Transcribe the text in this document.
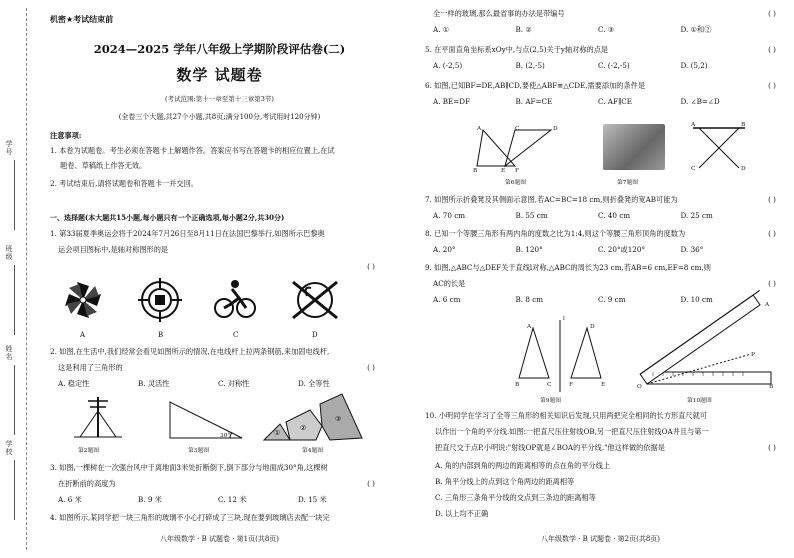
学号
班级
姓名
学校
机密★考试结束前
2024—2025 学年八年级上学期阶段评估卷(二)
数学 试题卷
(考试范围:第十一章至第十三章第3节)
(全卷三个大题,共27个小题,共8页;满分100分,考试用时120分钟)
注意事项:
1. 本卷为试题卷。考生必须在答题卡上解题作答。答案应书写在答题卡的相应位置上,在试
题卷、草稿纸上作答无效。
2. 考试结束后,请将试题卷和答题卡一并交回。
一、选择题(本大题共15小题,每小题只有一个正确选项,每小题2分,共30分)
1. 第33届夏季奥运会将于2024年7月26日至8月11日在法国巴黎举行,如图所示巴黎奥
运会项目图标中,是轴对称图形的是
( )
A	B	C	D
2. 如图,在生活中,我们经常会看见如图所示的情况,在电线杆上拉两条钢筋,来加固电线杆,
这是利用了三角形的	( )
A. 稳定性	B. 灵活性	C. 对称性	D. 全等性
30°	①
②
③
第2题图	第3题图	第4题图
3. 如图,一棵树在一次强台风中于离地面3米处折断倒下,倒下部分与地面成30°角,这棵树
在折断前的高度为	( )
A. 6 米	B. 9 米	C. 12 米	D. 15 米
4. 如图所示,某同学把一块三角形的玻璃不小心打碎成了三块,现在要到玻璃店去配一块完
八年级数学 · B 试题卷 · 第1页(共8页)
全一样的玻璃,那么最省事的办法是带编号	( )
A. ①	B. ②	C. ③	D. ①和②
5. 在平面直角坐标系xOy中,与点(2,5)关于y轴对称的点是	( )
A. (-2,5)	B. (2,-5)	C. (-2,-5)	D. (5,2)
6. 如图,已知BF=DE,AB∥CD,要使△ABF≌△CDE,需要添加的条件是	( )
A. BE=DF	B. AF=CE	C. AF∥CE	D. ∠B=∠D
A
B	E F
C	D
A	B
C	D
第6题图	第7题图
7. 如图所示折叠凳及其侧面示意图,若AC=BC=18 cm,则折叠凳的宽AB可能为	( )
A. 70 cm	B. 55 cm	C. 40 cm	D. 25 cm
8. 已知一个等腰三角形有两内角的度数之比为1:4,则这个等腰三角形顶角的度数为	( )
A. 20°	B. 120°	C. 20°或120°	D. 36°
9. 如图,△ABC与△DEF关于直线l对称,△ABC的周长为23 cm,若AB=6 cm,EF=8 cm,则
AC的长是	( )
A. 6 cm	B. 8 cm	C. 9 cm	D. 10 cm
A
B	C
D
E
F
l
第9题图
O
P
A
B
第10题图
10. 小明同学在学习了全等三角形的相关知识后发现,只用两把完全相同的长方形直尺就可
以作出一个角的平分线.如图:一把直尺压住射线OB,另一把直尺压住射线OA并且与第一
把直尺交于点P,小明说:"射线OP就是∠BOA的平分线."他这样做的依据是	( )
A. 角的内部到角的两边的距离相等的点在角的平分线上
B. 角平分线上的点到这个角两边的距离相等
C. 三角形三条角平分线的交点到三条边的距离相等
D. 以上均不正确
八年级数学 · B 试题卷 · 第2页(共8页)
